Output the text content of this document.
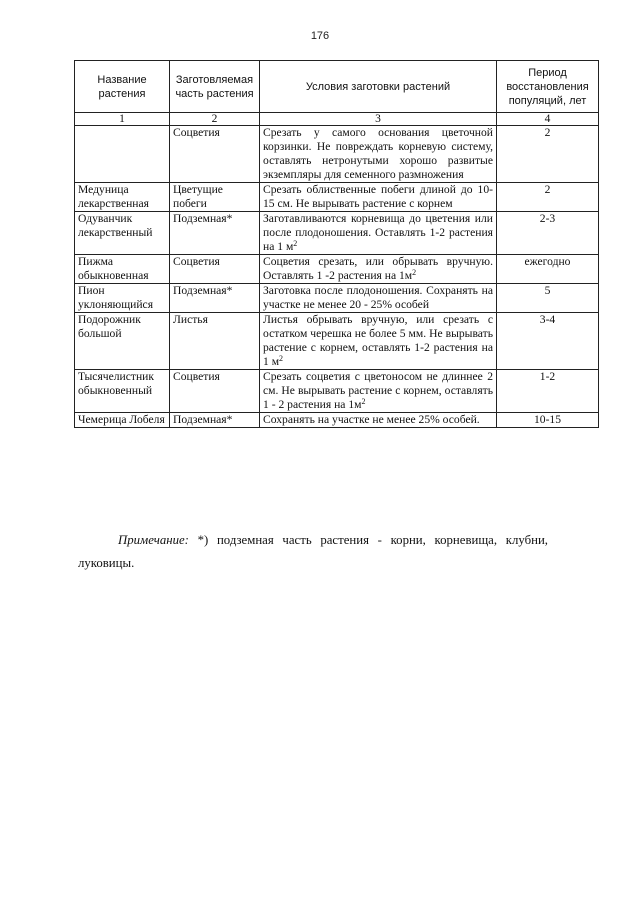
176
Название растения	Заготовляемая часть растения	Условия заготовки растений	Период восстановления популяций, лет
1	2	3	4
	Соцветия	Срезать у самого основания цветочной корзинки. Не повреждать корневую систему, оставлять нетронутыми хорошо развитые экземпляры для семенного размножения	2
Медуница лекарственная	Цветущие побеги	Срезать облиственные побеги длиной до 10-15 см. Не вырывать растение с корнем	2
Одуванчик лекарственный	Подземная*	Заготавливаются корневища до цветения или после плодоношения. Оставлять 1-2 растения на 1 $м^2$	2-3
Пижма обыкновенная	Соцветия	Соцветия срезать, или обрывать вручную. Оставлять 1 -2 растения на $1м^2$	ежегодно
Пион уклоняющийся	Подземная*	Заготовка после плодоношения. Сохранять на участке не менее 20 - 25% особей	5
Подорожник большой	Листья	Листья обрывать вручную, или срезать с остатком черешка не более 5 мм. Не вырывать растение с корнем, оставлять 1-2 растения на 1 $м^2$	3-4
Тысячелистник обыкновенный	Соцветия	Срезать соцветия с цветоносом не длиннее 2 см. Не вырывать растение с корнем, оставлять 1 - 2 растения на $1м^2$	1-2
Чемерица Лобеля	Подземная*	Сохранять на участке не менее 25% особей.	10-15

Примечание: *) подземная часть растения - корни, корневища, клубни, луковицы.
